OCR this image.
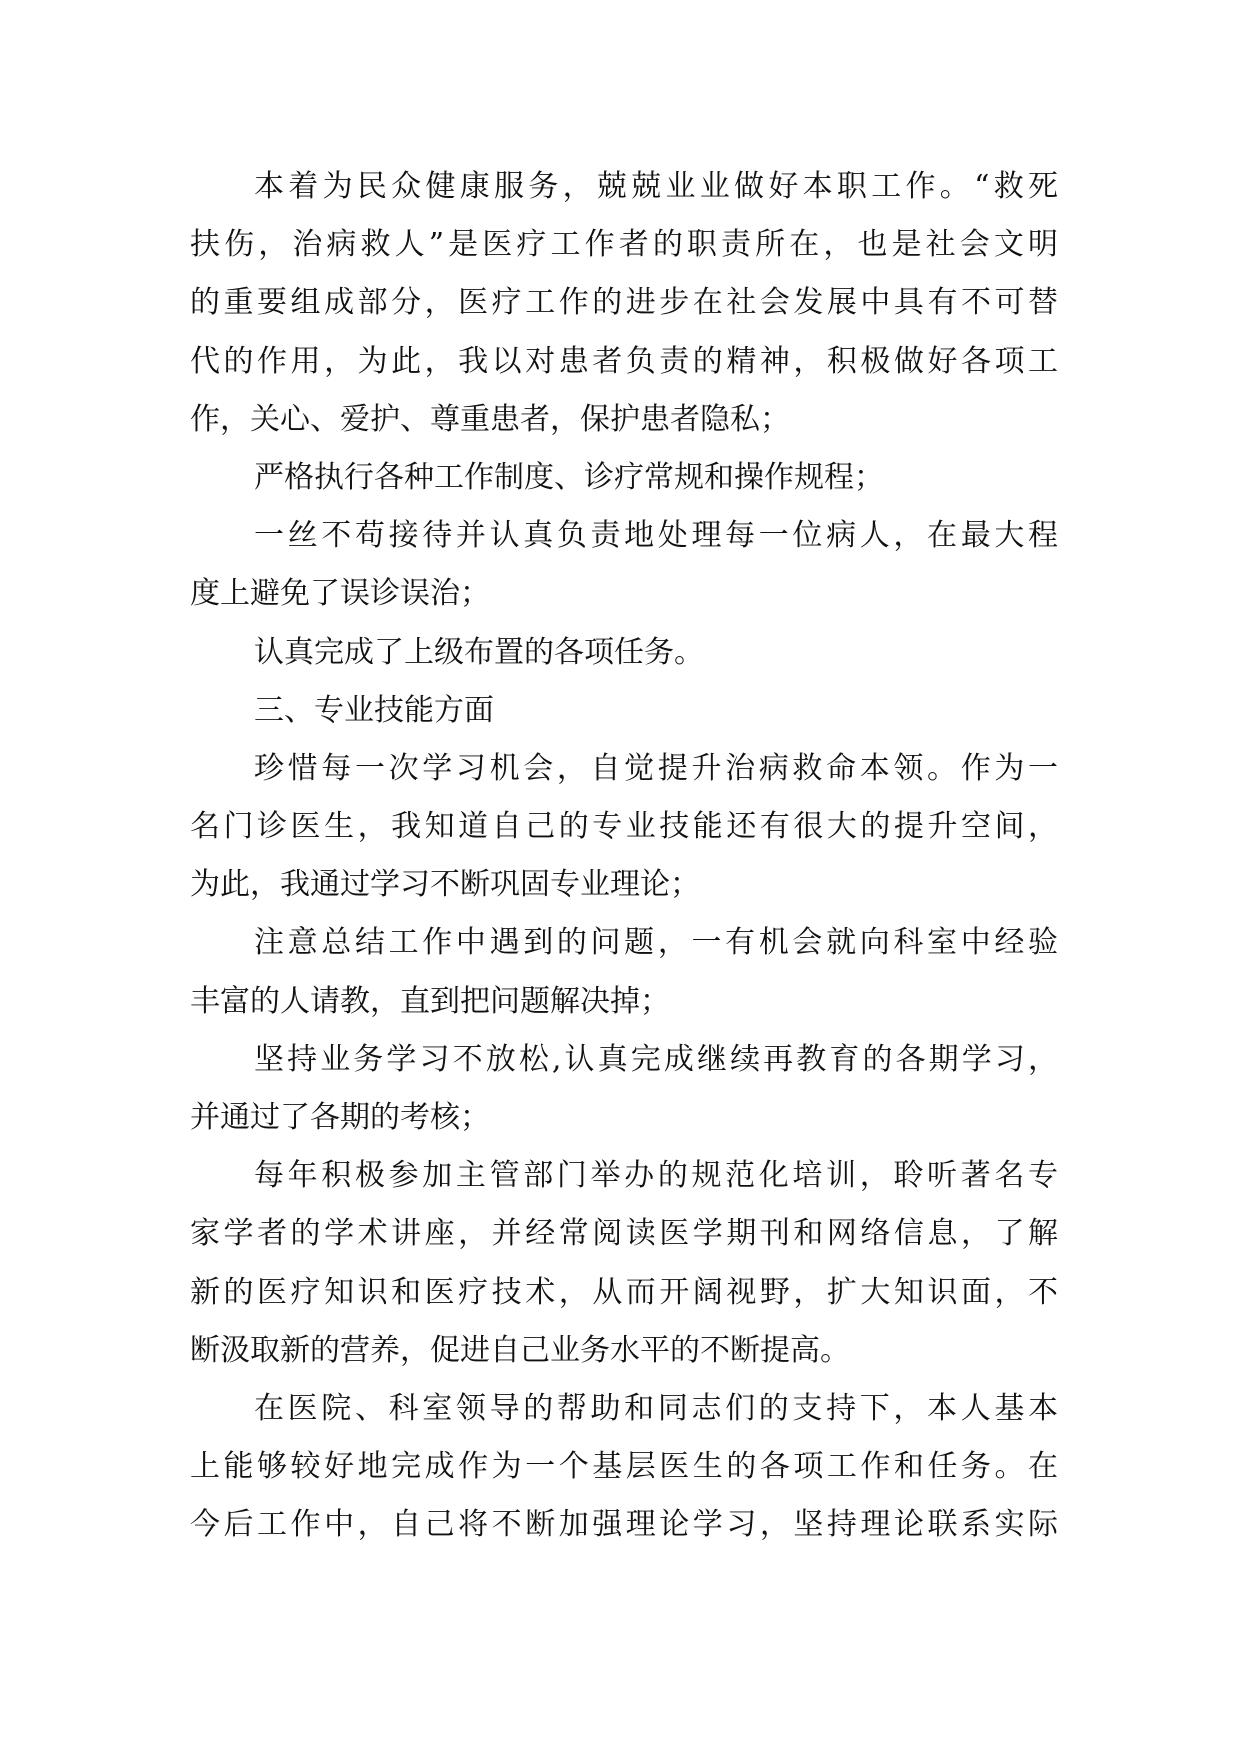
本着为民众健康服务，兢兢业业做好本职工作。“救死
扶伤，治病救人”是医疗工作者的职责所在，也是社会文明
的重要组成部分，医疗工作的进步在社会发展中具有不可替
代的作用，为此，我以对患者负责的精神，积极做好各项工
作，关心、爱护、尊重患者，保护患者隐私；
严格执行各种工作制度、诊疗常规和操作规程；
一丝不苟接待并认真负责地处理每一位病人，在最大程
度上避免了误诊误治；
认真完成了上级布置的各项任务。
三、专业技能方面
珍惜每一次学习机会，自觉提升治病救命本领。作为一
名门诊医生，我知道自己的专业技能还有很大的提升空间，
为此，我通过学习不断巩固专业理论；
注意总结工作中遇到的问题，一有机会就向科室中经验
丰富的人请教，直到把问题解决掉；
坚持业务学习不放松,认真完成继续再教育的各期学习，
并通过了各期的考核；
每年积极参加主管部门举办的规范化培训，聆听著名专
家学者的学术讲座，并经常阅读医学期刊和网络信息，了解
新的医疗知识和医疗技术，从而开阔视野，扩大知识面，不
断汲取新的营养，促进自己业务水平的不断提高。
在医院、科室领导的帮助和同志们的支持下，本人基本
上能够较好地完成作为一个基层医生的各项工作和任务。在
今后工作中，自己将不断加强理论学习，坚持理论联系实际
